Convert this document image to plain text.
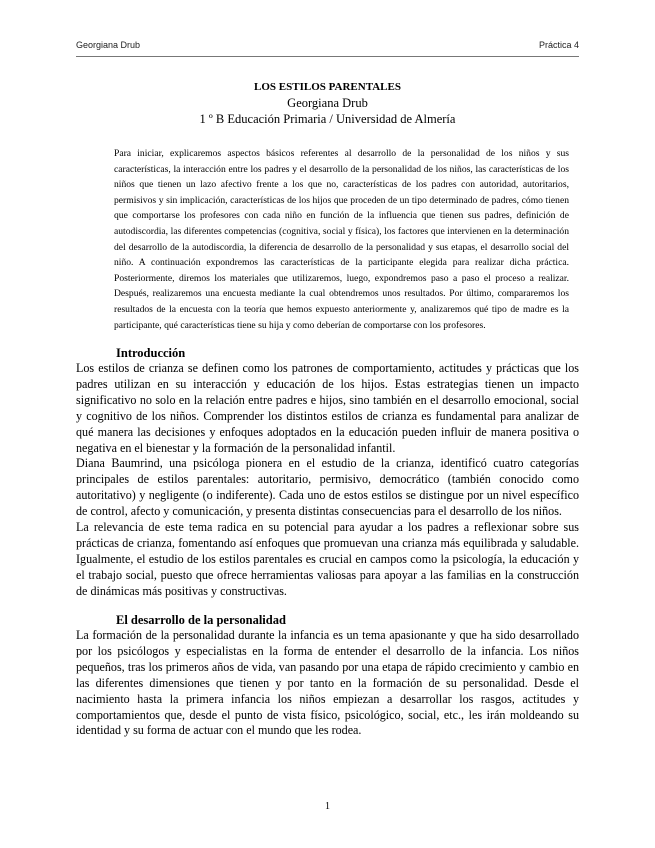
Georgiana Drub	Práctica 4
LOS ESTILOS PARENTALES
Georgiana Drub
1 º B Educación Primaria / Universidad de Almería

Para iniciar, explicaremos aspectos básicos referentes al desarrollo de la personalidad de los niños y sus características, la interacción entre los padres y el desarrollo de la personalidad de los niños, las características de los niños que tienen un lazo afectivo frente a los que no, características de los padres con autoridad, autoritarios, permisivos y sin implicación, características de los hijos que proceden de un tipo determinado de padres, cómo tienen que comportarse los profesores con cada niño en función de la influencia que tienen sus padres, definición de autodiscordia, las diferentes competencias (cognitiva, social y física), los factores que intervienen en la determinación del desarrollo de la autodiscordia, la diferencia de desarrollo de la personalidad y sus etapas, el desarrollo social del niño. A continuación expondremos las características de la participante elegida para realizar dicha práctica. Posteriormente, diremos los materiales que utilizaremos, luego, expondremos paso a paso el proceso a realizar. Después, realizaremos una encuesta mediante la cual obtendremos unos resultados. Por último, compararemos los resultados de la encuesta con la teoría que hemos expuesto anteriormente y, analizaremos qué tipo de madre es la participante, qué características tiene su hija y como deberían de comportarse con los profesores.

Introducción

Los estilos de crianza se definen como los patrones de comportamiento, actitudes y prácticas que los padres utilizan en su interacción y educación de los hijos. Estas estrategias tienen un impacto significativo no solo en la relación entre padres e hijos, sino también en el desarrollo emocional, social y cognitivo de los niños. Comprender los distintos estilos de crianza es fundamental para analizar de qué manera las decisiones y enfoques adoptados en la educación pueden influir de manera positiva o negativa en el bienestar y la formación de la personalidad infantil.

Diana Baumrind, una psicóloga pionera en el estudio de la crianza, identificó cuatro categorías principales de estilos parentales: autoritario, permisivo, democrático (también conocido como autoritativo) y negligente (o indiferente). Cada uno de estos estilos se distingue por un nivel específico de control, afecto y comunicación, y presenta distintas consecuencias para el desarrollo de los niños.

La relevancia de este tema radica en su potencial para ayudar a los padres a reflexionar sobre sus prácticas de crianza, fomentando así enfoques que promuevan una crianza más equilibrada y saludable. Igualmente, el estudio de los estilos parentales es crucial en campos como la psicología, la educación y el trabajo social, puesto que ofrece herramientas valiosas para apoyar a las familias en la construcción de dinámicas más positivas y constructivas.

El desarrollo de la personalidad

La formación de la personalidad durante la infancia es un tema apasionante y que ha sido desarrollado por los psicólogos y especialistas en la forma de entender el desarrollo de la infancia. Los niños pequeños, tras los primeros años de vida, van pasando por una etapa de rápido crecimiento y cambio en las diferentes dimensiones que tienen y por tanto en la formación de su personalidad. Desde el nacimiento hasta la primera infancia los niños empiezan a desarrollar los rasgos, actitudes y comportamientos que, desde el punto de vista físico, psicológico, social, etc., les irán moldeando su identidad y su forma de actuar con el mundo que les rodea.

1
